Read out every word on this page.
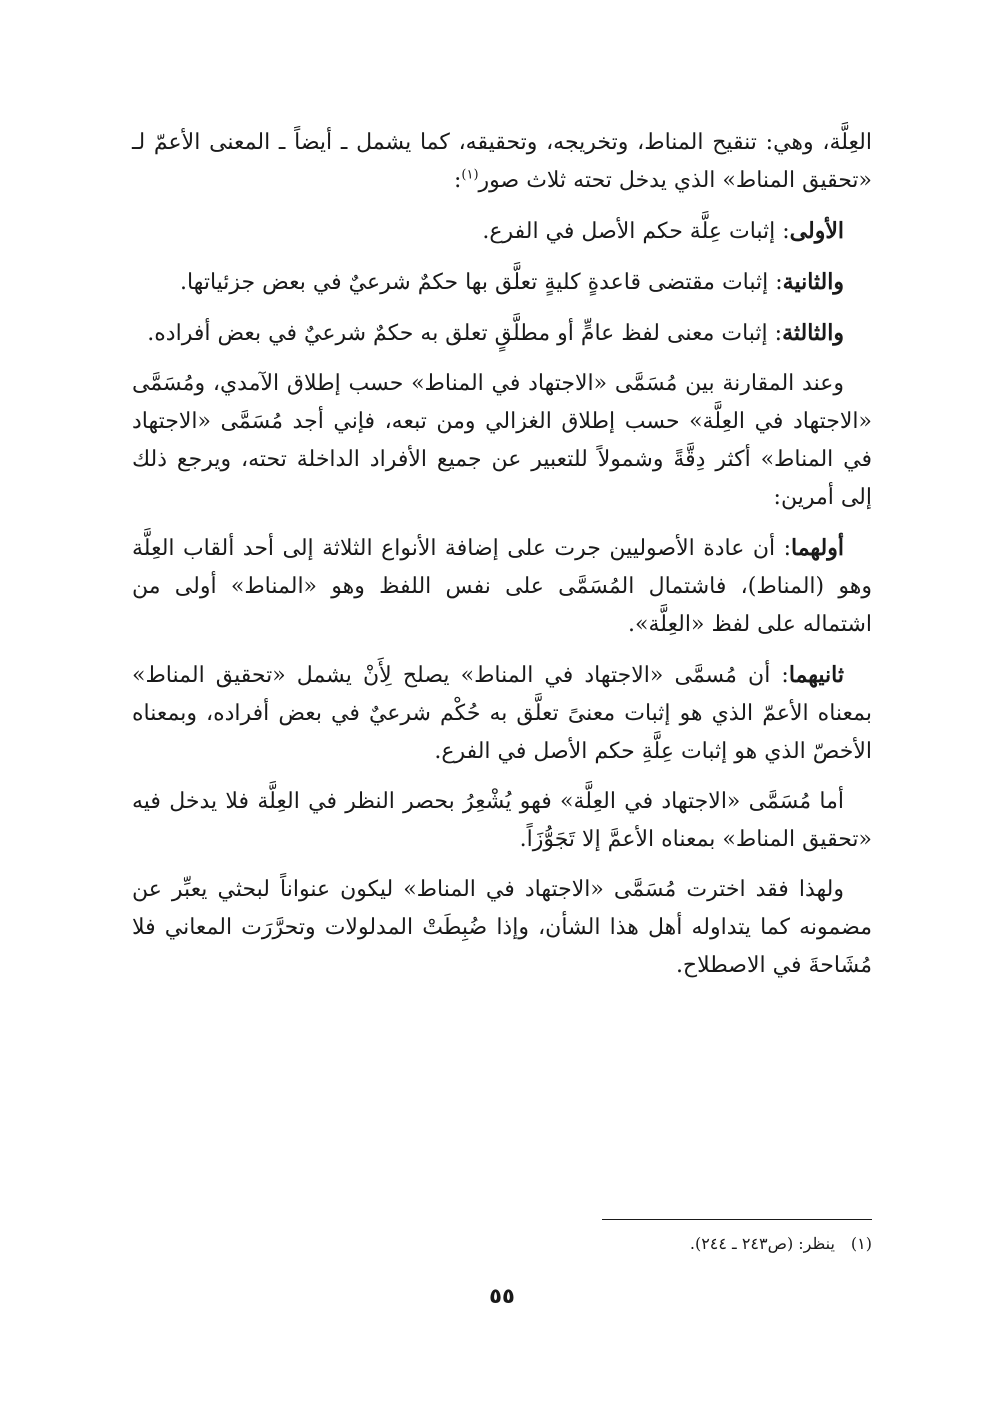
العِلَّة، وهي: تنقيح المناط، وتخريجه، وتحقيقه، كما يشمل ـ أيضاً ـ المعنى الأعمّ لـ «تحقيق المناط» الذي يدخل تحته ثلاث صور$^{(١)}$:

الأولى: إثبات عِلَّة حكم الأصل في الفرع.

والثانية: إثبات مقتضى قاعدةٍ كليةٍ تعلَّق بها حكمٌ شرعيٌ في بعض جزئياتها.

والثالثة: إثبات معنى لفظ عامٍّ أو مطلَّقٍ تعلق به حكمٌ شرعيٌ في بعض أفراده.

وعند المقارنة بين مُسَمَّى «الاجتهاد في المناط» حسب إطلاق الآمدي، ومُسَمَّى «الاجتهاد في العِلَّة» حسب إطلاق الغزالي ومن تبعه، فإني أجد مُسَمَّى «الاجتهاد في المناط» أكثر دِقَّةً وشمولاً للتعبير عن جميع الأفراد الداخلة تحته، ويرجع ذلك إلى أمرين:

أولهما: أن عادة الأصوليين جرت على إضافة الأنواع الثلاثة إلى أحد ألقاب العِلَّة وهو (المناط)، فاشتمال المُسَمَّى على نفس اللفظ وهو «المناط» أولى من اشتماله على لفظ «العِلَّة».

ثانيهما: أن مُسمَّى «الاجتهاد في المناط» يصلح لِأَنْ يشمل «تحقيق المناط» بمعناه الأعمّ الذي هو إثبات معنىً تعلَّق به حُكْم شرعيٌ في بعض أفراده، وبمعناه الأخصّ الذي هو إثبات عِلَّةِ حكم الأصل في الفرع.

أما مُسَمَّى «الاجتهاد في العِلَّة» فهو يُشْعِرُ بحصر النظر في العِلَّة فلا يدخل فيه «تحقيق المناط» بمعناه الأعمَّ إلا تَجَوُّزَاً.

ولهذا فقد اخترت مُسَمَّى «الاجتهاد في المناط» ليكون عنواناً لبحثي يعبِّر عن مضمونه كما يتداوله أهل هذا الشأن، وإذا ضُبِطَتْ المدلولات وتحرَّرَت المعاني فلا مُشَاحةَ في الاصطلاح.

(١)ينظر: (ص٢٤٣ ـ ٢٤٤).
٥٥
